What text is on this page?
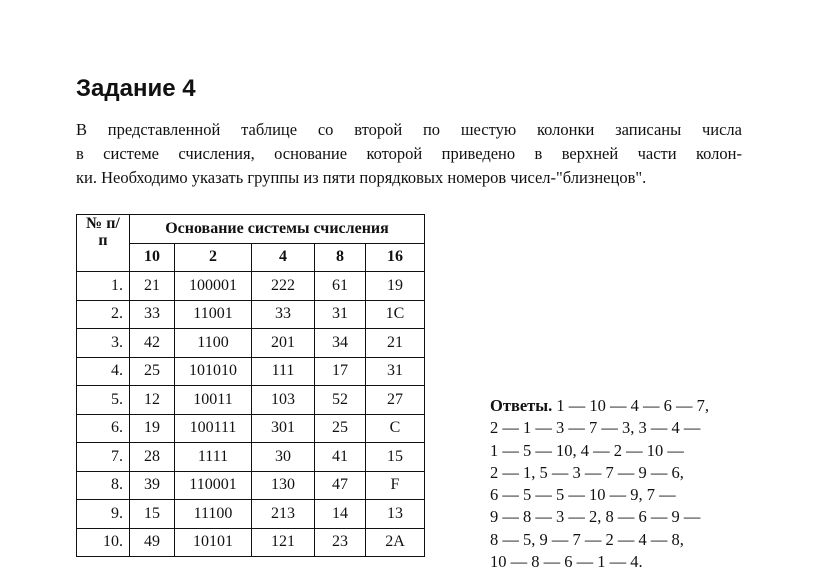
Задание 4

В представленной таблице со второй по шестую колонки записаны числа
в системе счисления, основание которой приведено в верхней части колон-
ки. Необходимо указать группы из пяти порядковых номеров чисел-"близнецов".

№ п/п	Основание системы счисления				
	10	2	4	8	16
1.	21	100001	222	61	19
2.	33	11001	33	31	1C
3.	42	1100	201	34	21
4.	25	101010	111	17	31
5.	12	10011	103	52	27
6.	19	100111	301	25	C
7.	28	1111	30	41	15
8.	39	110001	130	47	F
9.	15	11100	213	14	13
10.	49	10101	121	23	2A

Ответы. 1 — 10 — 4 — 6 — 7,
2 — 1 — 3 — 7 — 3, 3 — 4 —
1 — 5 — 10, 4 — 2 — 10 —
2 — 1, 5 — 3 — 7 — 9 — 6,
6 — 5 — 5 — 10 — 9, 7 —
9 — 8 — 3 — 2, 8 — 6 — 9 —
8 — 5, 9 — 7 — 2 — 4 — 8,
10 — 8 — 6 — 1 — 4.
